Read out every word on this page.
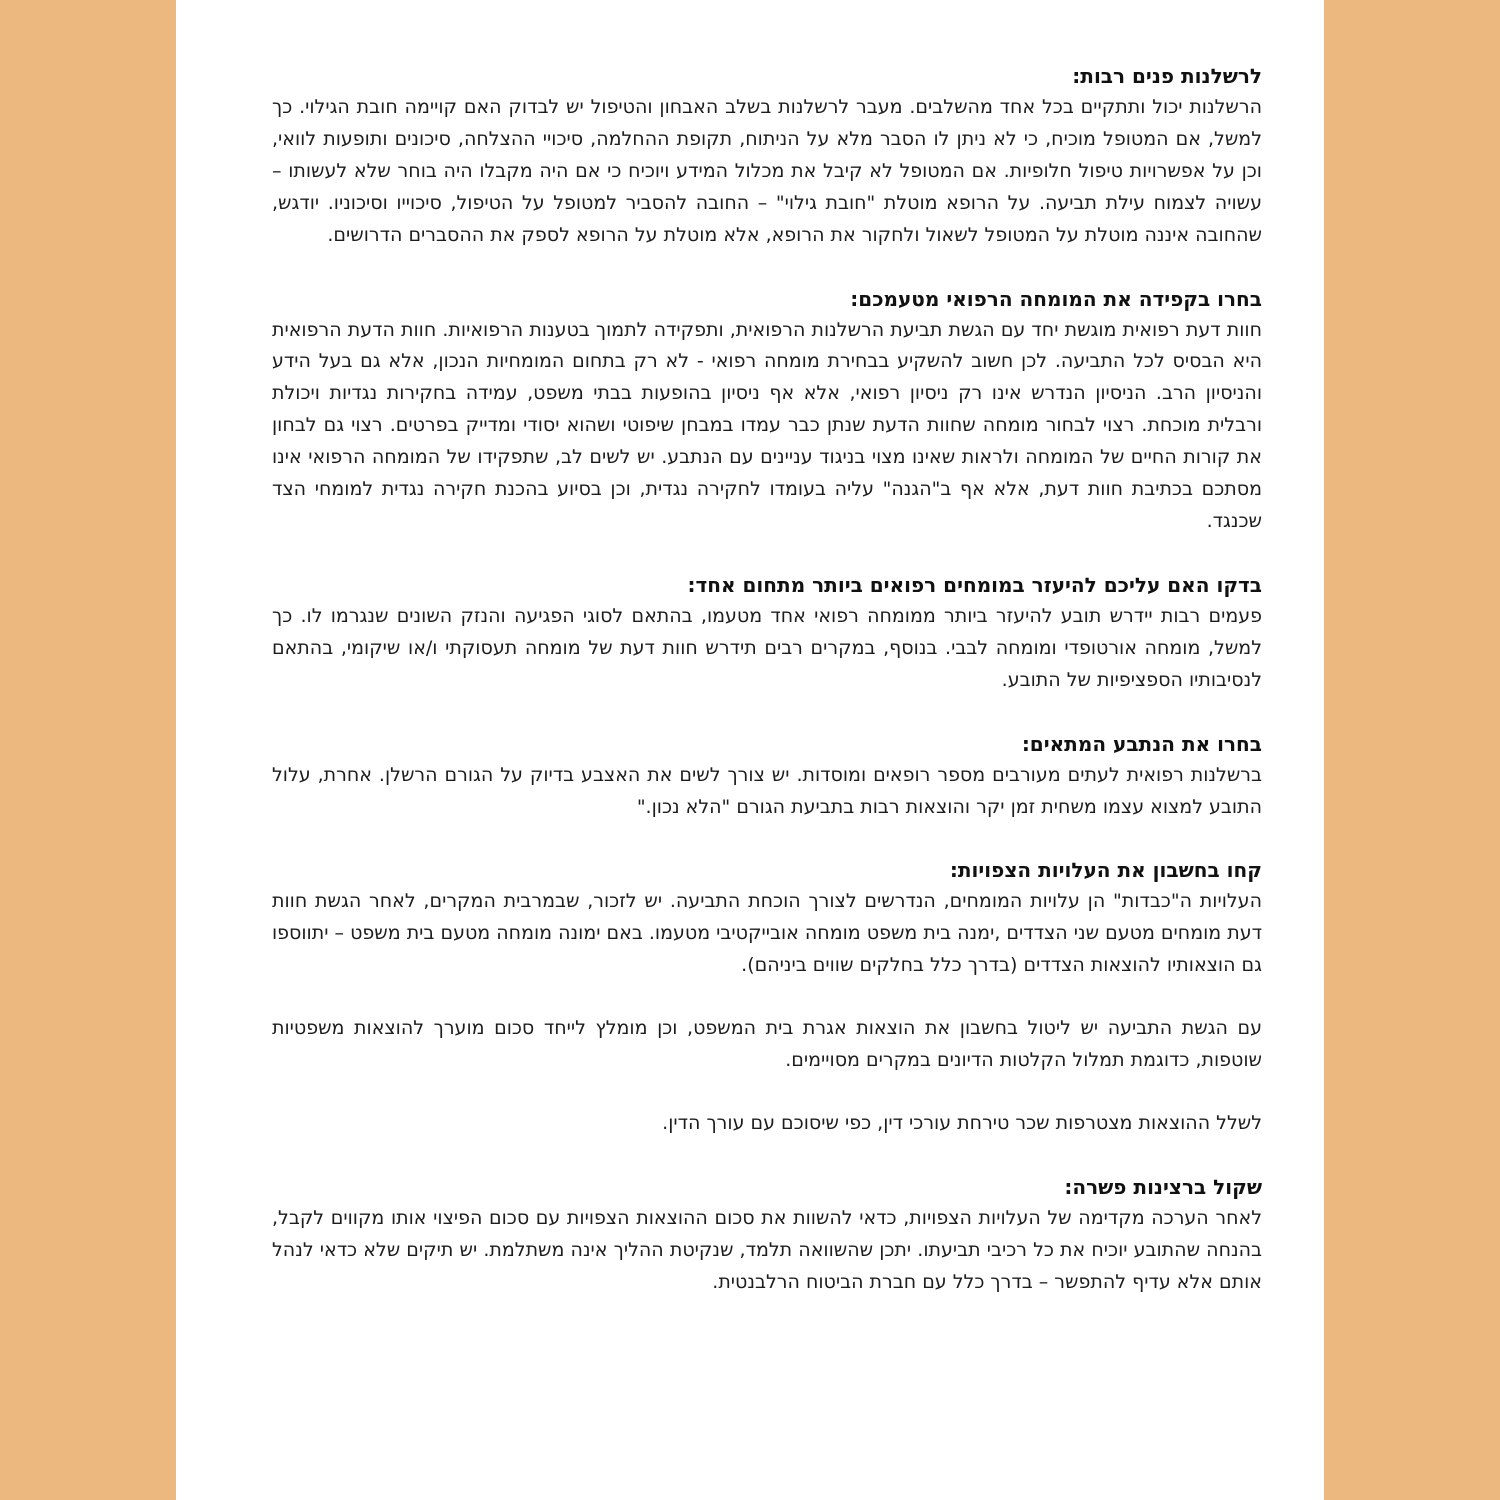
לרשלנות פנים רבות:

הרשלנות יכול ותתקיים בכל אחד מהשלבים. מעבר לרשלנות בשלב האבחון והטיפול יש לבדוק האם קויימה חובת הגילוי. כך למשל, אם המטופל מוכיח, כי לא ניתן לו הסבר מלא על הניתוח, תקופת ההחלמה, סיכויי ההצלחה, סיכונים ותופעות לוואי, וכן על אפשרויות טיפול חלופיות. אם המטופל לא קיבל את מכלול המידע ויוכיח כי אם היה מקבלו היה בוחר שלא לעשותו – עשויה לצמוח עילת תביעה. על הרופא מוטלת "חובת גילוי" – החובה להסביר למטופל על הטיפול, סיכוייו וסיכוניו. יודגש, שהחובה איננה מוטלת על המטופל לשאול ולחקור את הרופא, אלא מוטלת על הרופא לספק את ההסברים הדרושים.

בחרו בקפידה את המומחה הרפואי מטעמכם:

חוות דעת רפואית מוגשת יחד עם הגשת תביעת הרשלנות הרפואית, ותפקידה לתמוך בטענות הרפואיות. חוות הדעת הרפואית היא הבסיס לכל התביעה. לכן חשוב להשקיע בבחירת מומחה רפואי - לא רק בתחום המומחיות הנכון, אלא גם בעל הידע והניסיון הרב. הניסיון הנדרש אינו רק ניסיון רפואי, אלא אף ניסיון בהופעות בבתי משפט, עמידה בחקירות נגדיות ויכולת ורבלית מוכחת. רצוי לבחור מומחה שחוות הדעת שנתן כבר עמדו במבחן שיפוטי ושהוא יסודי ומדייק בפרטים. רצוי גם לבחון את קורות החיים של המומחה ולראות שאינו מצוי בניגוד עניינים עם הנתבע. יש לשים לב, שתפקידו של המומחה הרפואי אינו מסתכם בכתיבת חוות דעת, אלא אף ב"הגנה" עליה בעומדו לחקירה נגדית, וכן בסיוע בהכנת חקירה נגדית למומחי הצד שכנגד.

בדקו האם עליכם להיעזר במומחים רפואים ביותר מתחום אחד:

פעמים רבות יידרש תובע להיעזר ביותר ממומחה רפואי אחד מטעמו, בהתאם לסוגי הפגיעה והנזק השונים שנגרמו לו. כך למשל, מומחה אורטופדי ומומחה לבבי. בנוסף, במקרים רבים תידרש חוות דעת של מומחה תעסוקתי ו/או שיקומי, בהתאם לנסיבותיו הספציפיות של התובע.

בחרו את הנתבע המתאים:

ברשלנות רפואית לעתים מעורבים מספר רופאים ומוסדות. יש צורך לשים את האצבע בדיוק על הגורם הרשלן. אחרת, עלול התובע למצוא עצמו משחית זמן יקר והוצאות רבות בתביעת הגורם "הלא נכון."

קחו בחשבון את העלויות הצפויות:

העלויות ה"כבדות" הן עלויות המומחים, הנדרשים לצורך הוכחת התביעה. יש לזכור, שבמרבית המקרים, לאחר הגשת חוות דעת מומחים מטעם שני הצדדים ,ימנה בית משפט מומחה אובייקטיבי מטעמו. באם ימונה מומחה מטעם בית משפט – יתווספו גם הוצאותיו להוצאות הצדדים (בדרך כלל בחלקים שווים ביניהם).

עם הגשת התביעה יש ליטול בחשבון את הוצאות אגרת בית המשפט, וכן מומלץ לייחד סכום מוערך להוצאות משפטיות שוטפות, כדוגמת תמלול הקלטות הדיונים במקרים מסויימים.

לשלל ההוצאות מצטרפות שכר טירחת עורכי דין, כפי שיסוכם עם עורך הדין.

שקול ברצינות פשרה:

לאחר הערכה מקדימה של העלויות הצפויות, כדאי להשוות את סכום ההוצאות הצפויות עם סכום הפיצוי אותו מקווים לקבל, בהנחה שהתובע יוכיח את כל רכיבי תביעתו. יתכן שהשוואה תלמד, שנקיטת ההליך אינה משתלמת. יש תיקים שלא כדאי לנהל אותם אלא עדיף להתפשר – בדרך כלל עם חברת הביטוח הרלבנטית.
